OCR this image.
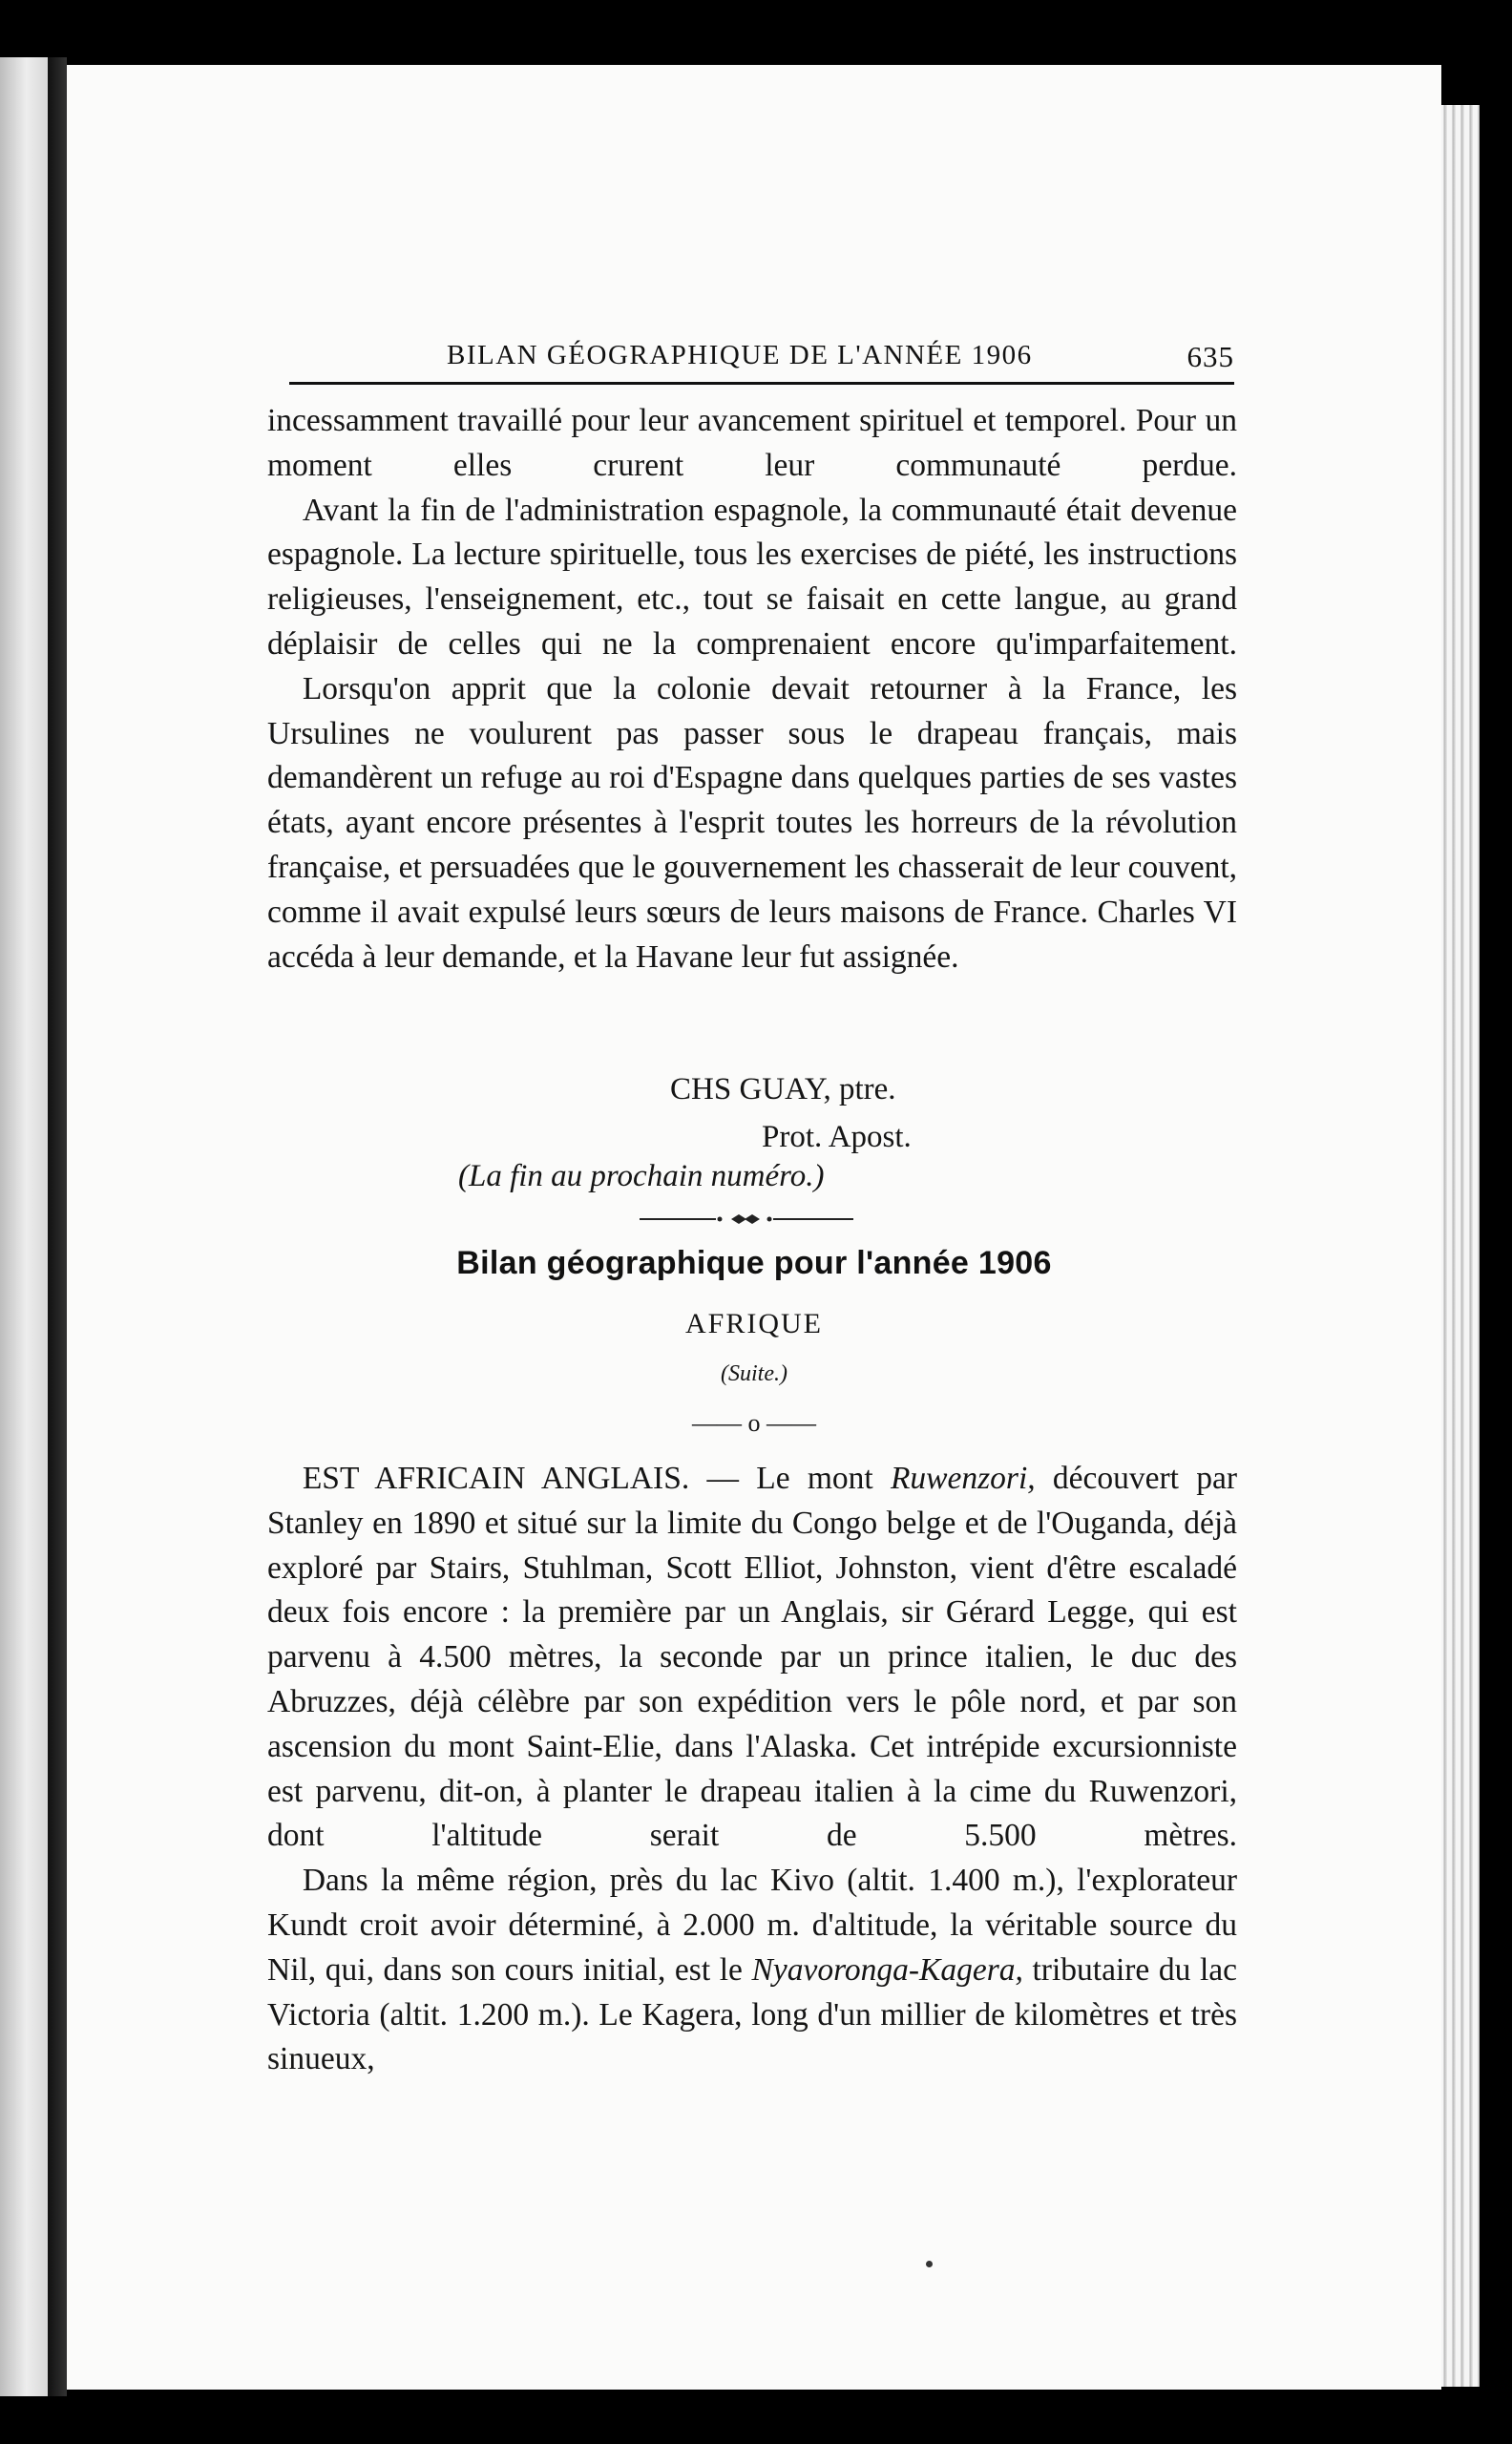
BILAN GÉOGRAPHIQUE DE L'ANNÉE 1906	635

incessamment travaillé pour leur avancement spirituel et temporel. Pour un moment elles crurent leur communauté perdue.

Avant la fin de l'administration espagnole, la communauté était devenue espagnole. La lecture spirituelle, tous les exercises de piété, les instructions religieuses, l'enseignement, etc., tout se faisait en cette langue, au grand déplaisir de celles qui ne la comprenaient encore qu'imparfaitement.

Lorsqu'on apprit que la colonie devait retourner à la France, les Ursulines ne voulurent pas passer sous le drapeau français, mais demandèrent un refuge au roi d'Espagne dans quelques parties de ses vastes états, ayant encore présentes à l'esprit toutes les horreurs de la révolution française, et persuadées que le gouvernement les chasserait de leur couvent, comme il avait expulsé leurs sœurs de leurs maisons de France. Charles VI accéda à leur demande, et la Havane leur fut assignée.

CHS GUAY, ptre.
Prot. Apost.
(La fin au prochain numéro.)
Bilan géographique pour l'année 1906
AFRIQUE
(Suite.)
—— o ——

EST AFRICAIN ANGLAIS. — Le mont Ruwenzori, découvert par Stanley en 1890 et situé sur la limite du Congo belge et de l'Ouganda, déjà exploré par Stairs, Stuhlman, Scott Elliot, Johnston, vient d'être escaladé deux fois encore : la première par un Anglais, sir Gérard Legge, qui est parvenu à 4.500 mètres, la seconde par un prince italien, le duc des Abruzzes, déjà célèbre par son expédition vers le pôle nord, et par son ascension du mont Saint-Elie, dans l'Alaska. Cet intrépide excursionniste est parvenu, dit-on, à planter le drapeau italien à la cime du Ruwenzori, dont l'altitude serait de 5.500 mètres.

Dans la même région, près du lac Kivo (altit. 1.400 m.), l'explorateur Kundt croit avoir déterminé, à 2.000 m. d'altitude, la véritable source du Nil, qui, dans son cours initial, est le Nyavoronga-Kagera, tributaire du lac Victoria (altit. 1.200 m.). Le Kagera, long d'un millier de kilomètres et très sinueux,
